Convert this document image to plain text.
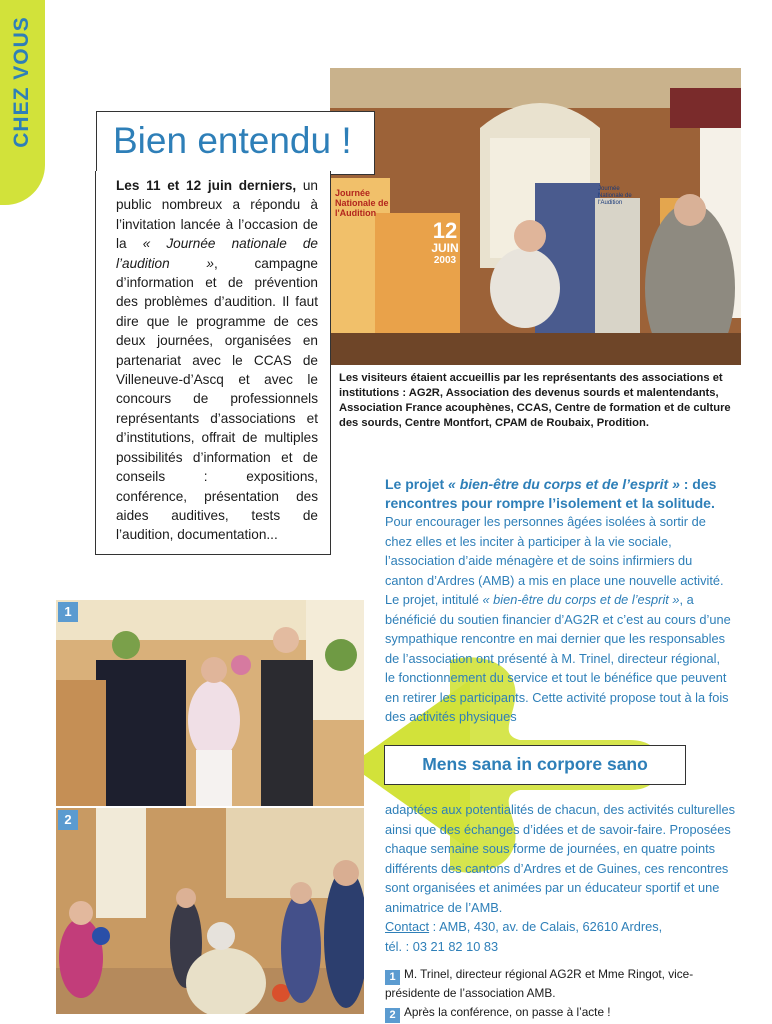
CHEZ VOUS
Journée Nationale de l'Audition
12
JUIN
2003
Journée Nationale de l'Audition
Bien entendu !

Les 11 et 12 juin derniers, un public nombreux a répondu à l’invitation lancée à l’occasion de la « Journée nationale de l’audition », campagne d’information et de prévention des problèmes d’audition. Il faut dire que le programme de ces deux journées, organisées en partenariat avec le CCAS de Villeneuve-d’Ascq et avec le concours de professionnels représentants d’associations et d’institutions, offrait de multiples possibilités d’information et de conseils : expositions, conférence, présentation des aides auditives, tests de l’audition, documentation...

Les visiteurs étaient accueillis par les représentants des associations et institutions : AG2R, Association des devenus sourds et malentendants, Association France acouphènes, CCAS, Centre de formation et de culture des sourds, Centre Montfort, CPAM de Roubaix, Prodition.

Le projet « bien-être du corps et de l’esprit » : des rencontres pour rompre l’isolement et la solitude.

Pour encourager les personnes âgées isolées à sortir de chez elles et les inciter à participer à la vie sociale, l’association d’aide ménagère et de soins infirmiers du canton d’Ardres (AMB) a mis en place une nouvelle activité. Le projet, intitulé « bien-être du corps et de l’esprit », a bénéficié du soutien financier d’AG2R et c’est au cours d’une sympathique rencontre en mai dernier que les responsables de l’association ont présenté à M. Trinel, directeur régional, le fonctionnement du service et tout le bénéfice que peuvent en retirer les participants. Cette activité propose tout à la fois des activités physiques

Mens sana in corpore sano

adaptées aux potentialités de chacun, des activités culturelles ainsi que des échanges d’idées et de savoir-faire. Proposées chaque semaine sous forme de journées, en quatre points différents des cantons d’Ardres et de Guines, ces rencontres sont organisées et animées par un éducateur sportif et une animatrice de l’AMB.

Contact : AMB, 430, av. de Calais, 62610 Ardres,

tél. : 03 21 82 10 83

1
2

1 M. Trinel, directeur régional AG2R et Mme Ringot, vice-présidente de l’association AMB.

2 Après la conférence, on passe à l’acte !
